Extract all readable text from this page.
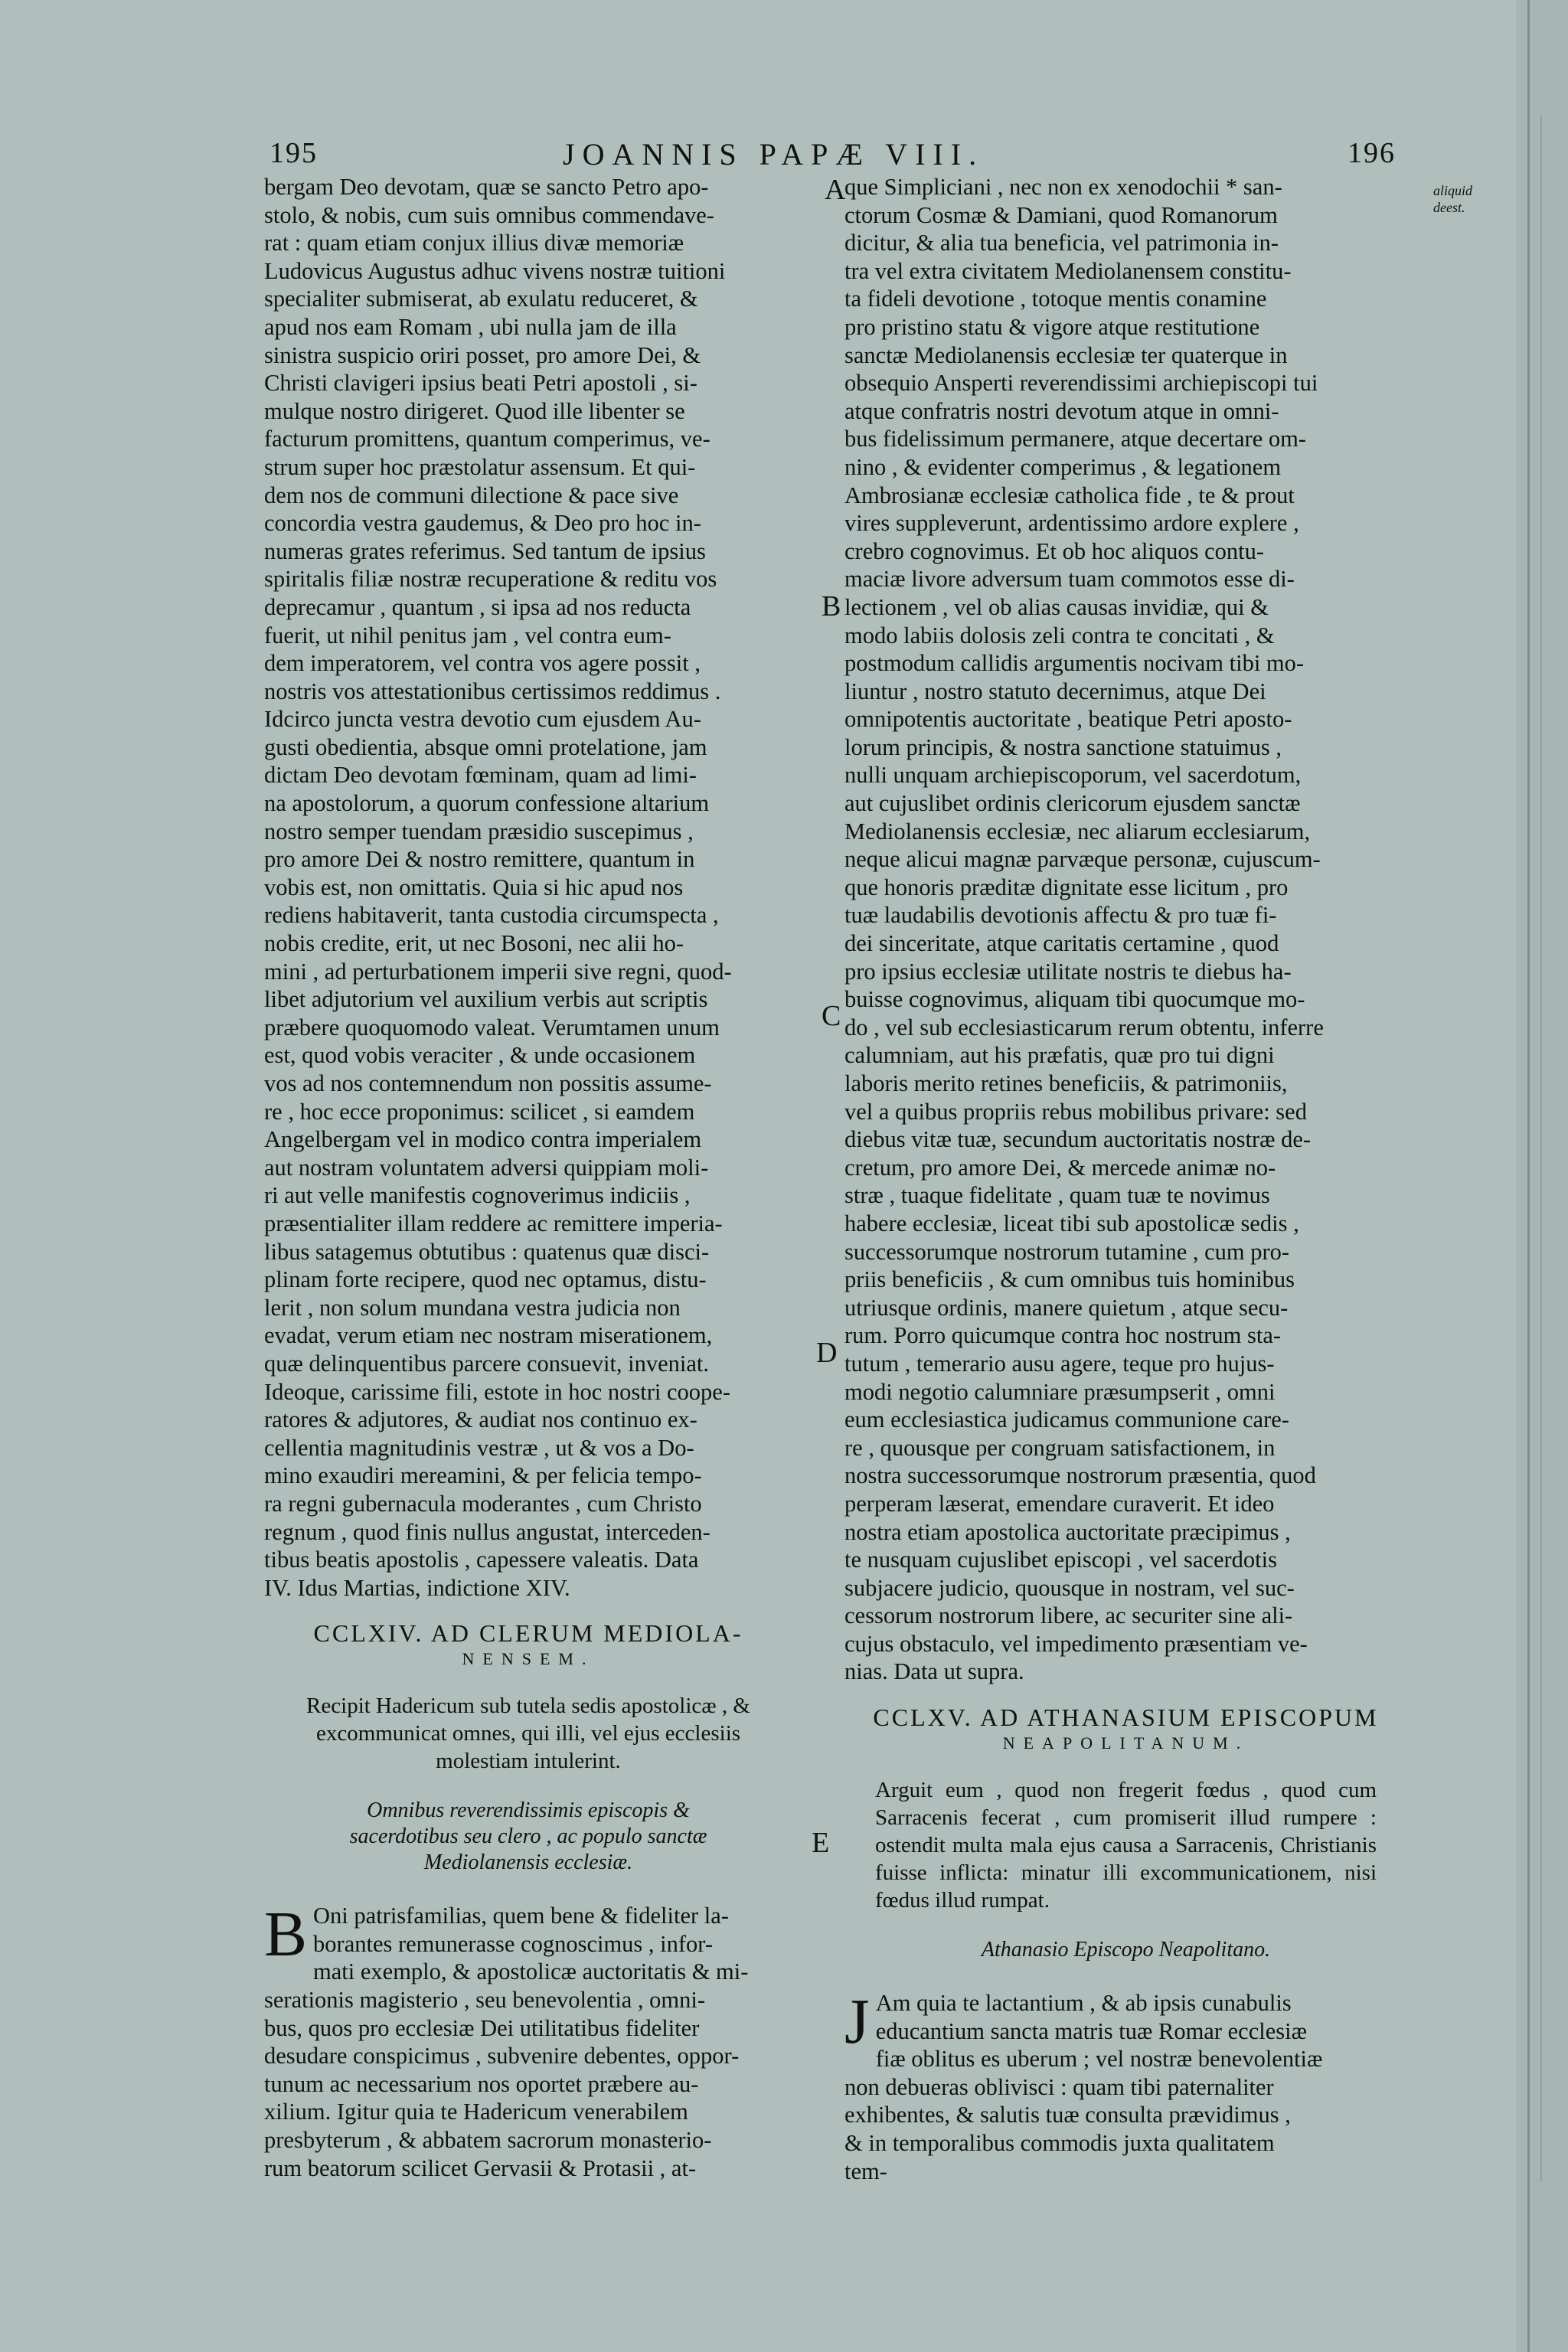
195	JOANNIS PAPÆ VIII.	196
aliquid
deest.
A
B
C
D
E
bergam Deo devotam, quæ se sancto Petro apo-
stolo, & nobis, cum suis omnibus commendave-
rat : quam etiam conjux illius divæ memoriæ
Ludovicus Augustus adhuc vivens nostræ tuitioni
specialiter submiserat, ab exulatu reduceret, &
apud nos eam Romam , ubi nulla jam de illa
sinistra suspicio oriri posset, pro amore Dei, &
Christi clavigeri ipsius beati Petri apostoli , si-
mulque nostro dirigeret. Quod ille libenter se
facturum promittens, quantum comperimus, ve-
strum super hoc præstolatur assensum. Et qui-
dem nos de communi dilectione & pace sive
concordia vestra gaudemus, & Deo pro hoc in-
numeras grates referimus. Sed tantum de ipsius
spiritalis filiæ nostræ recuperatione & reditu vos
deprecamur , quantum , si ipsa ad nos reducta
fuerit, ut nihil penitus jam , vel contra eum-
dem imperatorem, vel contra vos agere possit ,
nostris vos attestationibus certissimos reddimus .
Idcirco juncta vestra devotio cum ejusdem Au-
gusti obedientia, absque omni protelatione, jam
dictam Deo devotam fœminam, quam ad limi-
na apostolorum, a quorum confessione altarium
nostro semper tuendam præsidio suscepimus ,
pro amore Dei & nostro remittere, quantum in
vobis est, non omittatis. Quia si hic apud nos
rediens habitaverit, tanta custodia circumspecta ,
nobis credite, erit, ut nec Bosoni, nec alii ho-
mini , ad perturbationem imperii sive regni, quod-
libet adjutorium vel auxilium verbis aut scriptis
præbere quoquomodo valeat. Verumtamen unum
est, quod vobis veraciter , & unde occasionem
vos ad nos contemnendum non possitis assume-
re , hoc ecce proponimus: scilicet , si eamdem
Angelbergam vel in modico contra imperialem
aut nostram voluntatem adversi quippiam moli-
ri aut velle manifestis cognoverimus indiciis ,
præsentialiter illam reddere ac remittere imperia-
libus satagemus obtutibus : quatenus quæ disci-
plinam forte recipere, quod nec optamus, distu-
lerit , non solum mundana vestra judicia non
evadat, verum etiam nec nostram miserationem,
quæ delinquentibus parcere consuevit, inveniat.
Ideoque, carissime fili, estote in hoc nostri coope-
ratores & adjutores, & audiat nos continuo ex-
cellentia magnitudinis vestræ , ut & vos a Do-
mino exaudiri mereamini, & per felicia tempo-
ra regni gubernacula moderantes , cum Christo
regnum , quod finis nullus angustat, interceden-
tibus beatis apostolis , capessere valeatis. Data
IV. Idus Martias, indictione XIV.
CCLXIV. AD CLERUM MEDIOLA-
NENSEM.
Recipit Hadericum sub tutela sedis apostolicæ , & excommunicat omnes, qui illi, vel ejus ecclesiis molestiam intulerint.
Omnibus reverendissimis episcopis & sacerdotibus seu clero , ac populo sanctæ Mediolanensis ecclesiæ.
B Oni patrisfamilias, quem bene & fideliter la-
borantes remunerasse cognoscimus , infor-
mati exemplo, & apostolicæ auctoritatis & mi-
serationis magisterio , seu benevolentia , omni-
bus, quos pro ecclesiæ Dei utilitatibus fideliter
desudare conspicimus , subvenire debentes, oppor-
tunum ac necessarium nos oportet præbere au-
xilium. Igitur quia te Hadericum venerabilem
presbyterum , & abbatem sacrorum monasterio-
rum beatorum scilicet Gervasii & Protasii , at-
que Simpliciani , nec non ex xenodochii * san-
ctorum Cosmæ & Damiani, quod Romanorum
dicitur, & alia tua beneficia, vel patrimonia in-
tra vel extra civitatem Mediolanensem constitu-
ta fideli devotione , totoque mentis conamine
pro pristino statu & vigore atque restitutione
sanctæ Mediolanensis ecclesiæ ter quaterque in
obsequio Ansperti reverendissimi archiepiscopi tui
atque confratris nostri devotum atque in omni-
bus fidelissimum permanere, atque decertare om-
nino , & evidenter comperimus , & legationem
Ambrosianæ ecclesiæ catholica fide , te & prout
vires suppleverunt, ardentissimo ardore explere ,
crebro cognovimus. Et ob hoc aliquos contu-
maciæ livore adversum tuam commotos esse di-
lectionem , vel ob alias causas invidiæ, qui &
modo labiis dolosis zeli contra te concitati , &
postmodum callidis argumentis nocivam tibi mo-
liuntur , nostro statuto decernimus, atque Dei
omnipotentis auctoritate , beatique Petri aposto-
lorum principis, & nostra sanctione statuimus ,
nulli unquam archiepiscoporum, vel sacerdotum,
aut cujuslibet ordinis clericorum ejusdem sanctæ
Mediolanensis ecclesiæ, nec aliarum ecclesiarum,
neque alicui magnæ parvæque personæ, cujuscum-
que honoris præditæ dignitate esse licitum , pro
tuæ laudabilis devotionis affectu & pro tuæ fi-
dei sinceritate, atque caritatis certamine , quod
pro ipsius ecclesiæ utilitate nostris te diebus ha-
buisse cognovimus, aliquam tibi quocumque mo-
do , vel sub ecclesiasticarum rerum obtentu, inferre
calumniam, aut his præfatis, quæ pro tui digni
laboris merito retines beneficiis, & patrimoniis,
vel a quibus propriis rebus mobilibus privare: sed
diebus vitæ tuæ, secundum auctoritatis nostræ de-
cretum, pro amore Dei, & mercede animæ no-
stræ , tuaque fidelitate , quam tuæ te novimus
habere ecclesiæ, liceat tibi sub apostolicæ sedis ,
successorumque nostrorum tutamine , cum pro-
priis beneficiis , & cum omnibus tuis hominibus
utriusque ordinis, manere quietum , atque secu-
rum. Porro quicumque contra hoc nostrum sta-
tutum , temerario ausu agere, teque pro hujus-
modi negotio calumniare præsumpserit , omni
eum ecclesiastica judicamus communione care-
re , quousque per congruam satisfactionem, in
nostra successorumque nostrorum præsentia, quod
perperam læserat, emendare curaverit. Et ideo
nostra etiam apostolica auctoritate præcipimus ,
te nusquam cujuslibet episcopi , vel sacerdotis
subjacere judicio, quousque in nostram, vel suc-
cessorum nostrorum libere, ac securiter sine ali-
cujus obstaculo, vel impedimento præsentiam ve-
nias. Data ut supra.
CCLXV. AD ATHANASIUM EPISCOPUM
NEAPOLITANUM.
Arguit eum , quod non fregerit fœdus , quod cum Sarracenis fecerat , cum promiserit illud rumpere : ostendit multa mala ejus causa a Sarracenis, Christianis fuisse inflicta: minatur illi excommunicationem, nisi fœdus illud rumpat.
Athanasio Episcopo Neapolitano.
J Am quia te lactantium , & ab ipsis cunabulis
educantium sancta matris tuæ Romar ecclesiæ
fiæ oblitus es uberum ; vel nostræ benevolentiæ
non debueras oblivisci : quam tibi paternaliter
exhibentes, & salutis tuæ consulta prævidimus ,
& in temporalibus commodis juxta qualitatem
tem-
